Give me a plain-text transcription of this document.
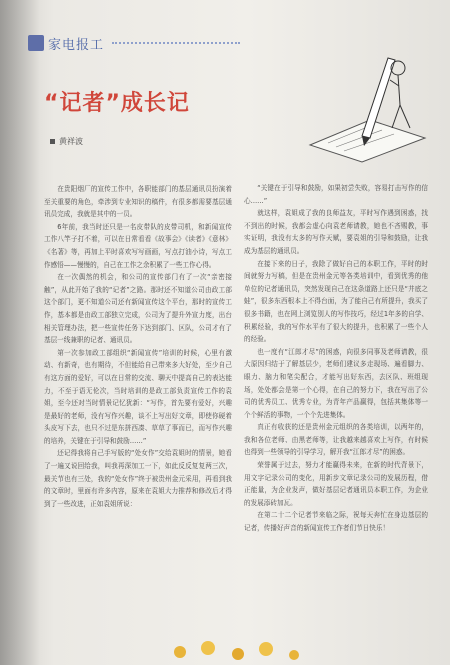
家电报工
“记者”成长记
黄祥波

在贵阳烟厂的宣传工作中，各职能部门的基层通讯员扮演着至关重要的角色，牵涉到专业知识的稿件，有很多都需要基层通讯员完成，我就是其中的一员。

6年前，我当时还只是一名皮带队的皮带司机，和新闻宣传工作八竿子打不着，可以在日常看看《故事会》《读者》《意林》《名著》等，再加上平时喜欢写写画画，写点打油小诗，写点工作感悟——慢慢的，自己在工作之余积累了一些工作心得。

在一次偶然的机会，和公司的宣传部门有了一次“亲密接触”，从此开始了我的“记者”之路。那时还不知道公司由政工部这个部门，更不知道公司还有新闻宣传这个平台，那时的宣传工作，基本都是由政工部独立完成，公司为了提升外宣力度，出台相关管理办法，把一些宣传任务下达到部门、区队，公司才有了基层一线兼职的记者、通讯员。

第一次参加政工部组织“新闻宣传”培训的时候，心里有激动、有新奇，也有期待，不但能给自己带来多大好处，至少自己有这方面的爱好，可以在日常的交流、聊天中提高自己的表达能力，不至于语无伦次，当时培训的是政工部负责宣传工作的袁姐，至今还对当时情景记忆犹新：“写作，首先要有爱好，兴趣是最好的老师，没有写作兴趣，谈不上写出好文章，即使你硬着头皮写下去，也只不过是东拼西凑、草草了事而已，而写作兴趣的培养，关键在于引导和鼓励……”

还记得我将自己手写版的“处女作”交给袁姐时的情景，她看了一遍又说回给我，叫我再深加工一下，如此反反复复两三次，最关节也有三处，我的“处女作”终于被贵州金元采用，再看到我的文章时，里面有许多内容，原来在袁姐大力推荐和修改后才得到了一些改进，正如袁姐所说：

“关键在于引导和鼓励，如果初尝失败，容易打击写作的信心……”

就这样，袁姐成了我的良师益友，平时写作遇到困惑，找不到出的时候，我都会虚心向袁老师请教，她也不吝赐教，事实证明，我没有太多的写作天赋，要袁姐的引导和鼓励，让我成为基层的通讯员。

在接下来的日子，我除了做好自己的本职工作，平时的时间就努力写稿，但是在贵州金元等各类培训中，看到优秀的他单位的记者通讯员，突然发现自己在这条道路上还只是“井底之蛙”，很多东西根本上不得台面，为了能自己有所提升，我买了很多书籍，也在网上浏览别人的写作技巧，经过1年多的自学、积累经验，我的写作水平有了很大的提升，也积累了一些个人的经验。

也一度有“江郎才尽”的困惑，向很多同事及老师请教，很大原因归结于了解基层少，老师们建议多走现场、遍看脚力、眼力、脑力和笔尖配合，才能写出好东西，去区队、班组现场，处处都会是第一个心得，在自己的努力下，我在写出了公司的优秀员工、优秀专业，为青年产品赢得，包括其集体等一个个鲜活的事物，一个个先进集体。

真正有收获的还是贵州金元组织的各类培训，以两年的，我和各位老师、由黑老师等，让我越来越喜欢上写作，有时候也得到一些领导的引导学习，解开我“江郎才尽”的困惑。

荣誉属于过去，努力才能赢得未来，在新的时代背景下，用文字记录公司的变化，用新步文章记录公司的发展历程，借正能量，为企业发声，做好基层记者通讯员本职工作，为企业的发展添砖加瓦。

在第二十二个记者节来临之际，祝每天奔忙在身边基层的记者，传播好声音的新闻宣传工作者们节日快乐！
